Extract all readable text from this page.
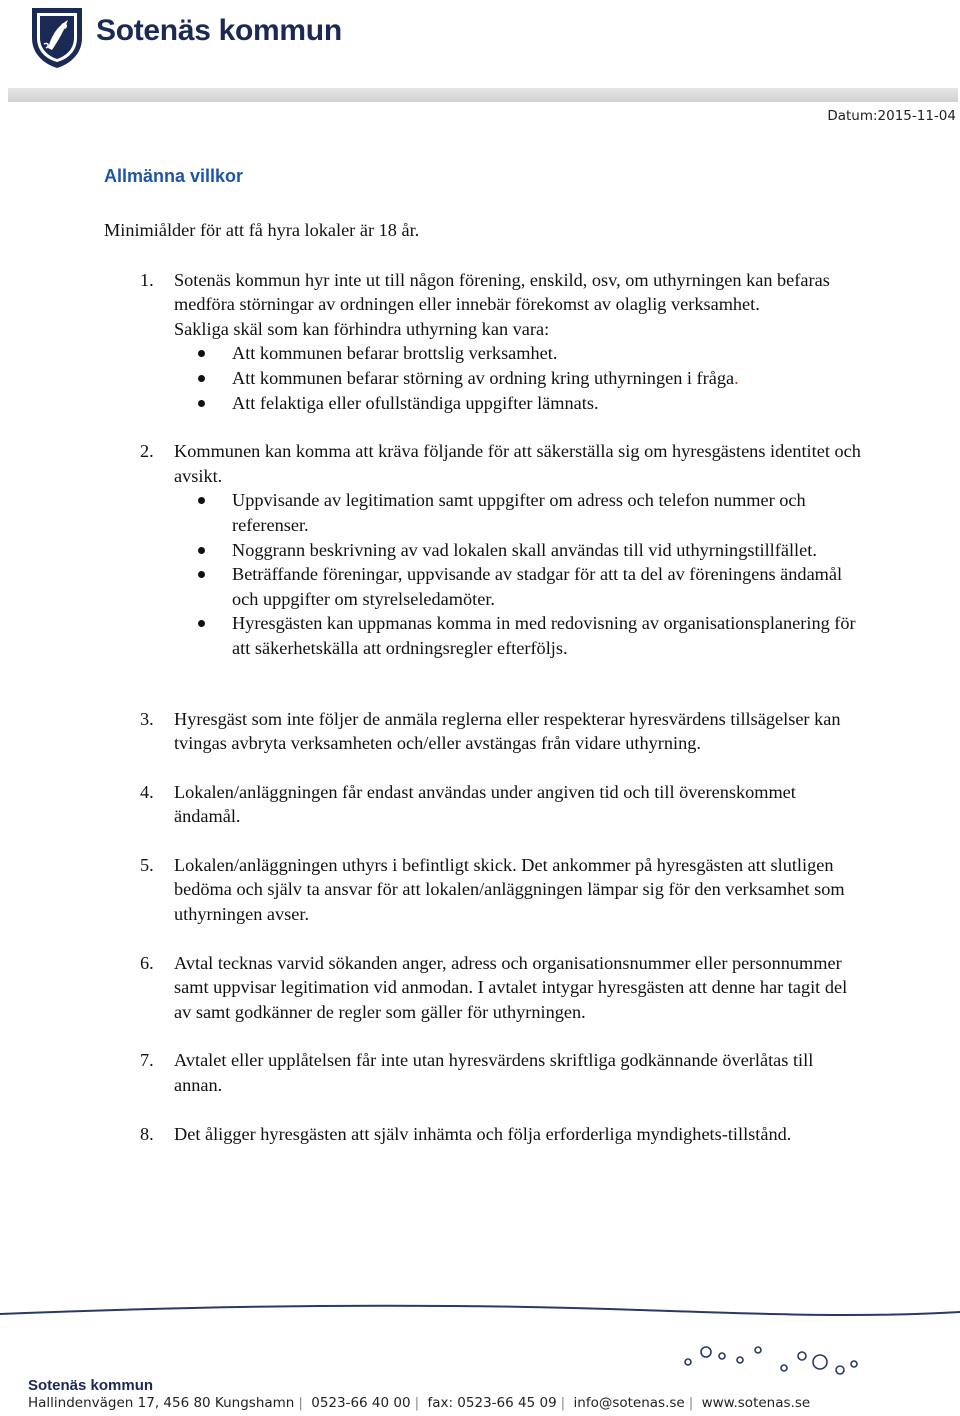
Sotenäs kommun
Datum:2015-11-04
Allmänna villkor

Minimiålder för att få hyra lokaler är 18 år.

1. Sotenäs kommun hyr inte ut till någon förening, enskild, osv, om uthyrningen kan befaras medföra störningar av ordningen eller innebär förekomst av olaglig verksamhet.

Sakliga skäl som kan förhindra uthyrning kan vara:

Att kommunen befarar brottslig verksamhet.
Att kommunen befarar störning av ordning kring uthyrningen i fråga.
Att felaktiga eller ofullständiga uppgifter lämnats.
2. Kommunen kan komma att kräva följande för att säkerställa sig om hyresgästens identitet och avsikt.

Uppvisande av legitimation samt uppgifter om adress och telefon nummer och referenser.
Noggrann beskrivning av vad lokalen skall användas till vid uthyrningstillfället.
Beträffande föreningar, uppvisande av stadgar för att ta del av föreningens ändamål och uppgifter om styrelseledamöter.
Hyresgästen kan uppmanas komma in med redovisning av organisationsplanering för att säkerhetskälla att ordningsregler efterföljs.
3. Hyresgäst som inte följer de anmäla reglerna eller respekterar hyresvärdens tillsägelser kan tvingas avbryta verksamheten och/eller avstängas från vidare uthyrning.

4. Lokalen/anläggningen får endast användas under angiven tid och till överenskommet ändamål.

5. Lokalen/anläggningen uthyrs i befintligt skick. Det ankommer på hyresgästen att slutligen bedöma och själv ta ansvar för att lokalen/anläggningen lämpar sig för den verksamhet som uthyrningen avser.

6. Avtal tecknas varvid sökanden anger, adress och organisationsnummer eller personnummer samt uppvisar legitimation vid anmodan. I avtalet intygar hyresgästen att denne har tagit del av samt godkänner de regler som gäller för uthyrningen.

7. Avtalet eller upplåtelsen får inte utan hyresvärdens skriftliga godkännande överlåtas till annan.

8. Det åligger hyresgästen att själv inhämta och följa erforderliga myndighets-tillstånd.

Sotenäs kommun
Hallindenvägen 17, 456 80 Kungshamn | 0523-66 40 00 | fax: 0523-66 45 09 | info@sotenas.se | www.sotenas.se
